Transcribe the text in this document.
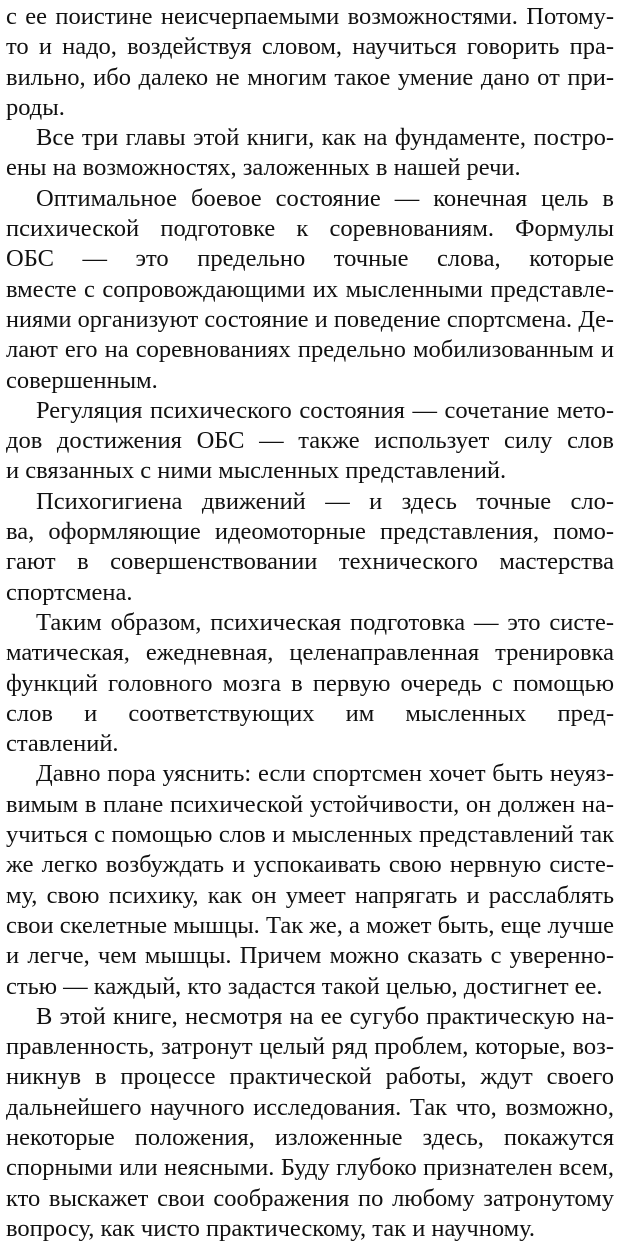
с ее поистине неисчерпаемыми возможностями. Потому-
то и надо, воздействуя словом, научиться говорить пра-
вильно, ибо далеко не многим такое умение дано от при-
роды.
Все три главы этой книги, как на фундаменте, постро-
ены на возможностях, заложенных в нашей речи.
Оптимальное боевое состояние — конечная цель в
психической подготовке к соревнованиям. Формулы
ОБС — это предельно точные слова, которые
вместе с сопровождающими их мысленными представле-
ниями организуют состояние и поведение спортсмена. Де-
лают его на соревнованиях предельно мобилизованным и
совершенным.
Регуляция психического состояния — сочетание мето-
дов достижения ОБС — также использует силу слов
и связанных с ними мысленных представлений.
Психогигиена движений — и здесь точные сло-
ва, оформляющие идеомоторные представления, помо-
гают в совершенствовании технического мастерства
спортсмена.
Таким образом, психическая подготовка — это систе-
матическая, ежедневная, целенаправленная тренировка
функций головного мозга в первую очередь с помощью
слов и соответствующих им мысленных пред-
ставлений.
Давно пора уяснить: если спортсмен хочет быть неуяз-
вимым в плане психической устойчивости, он должен на-
учиться с помощью слов и мысленных представлений так
же легко возбуждать и успокаивать свою нервную систе-
му, свою психику, как он умеет напрягать и расслаблять
свои скелетные мышцы. Так же, а может быть, еще лучше
и легче, чем мышцы. Причем можно сказать с уверенно-
стью — каждый, кто задастся такой целью, достигнет ее.
В этой книге, несмотря на ее сугубо практическую на-
правленность, затронут целый ряд проблем, которые, воз-
никнув в процессе практической работы, ждут своего
дальнейшего научного исследования. Так что, возможно,
некоторые положения, изложенные здесь, покажутся
спорными или неясными. Буду глубоко признателен всем,
кто выскажет свои соображения по любому затронутому
вопросу, как чисто практическому, так и научному.
